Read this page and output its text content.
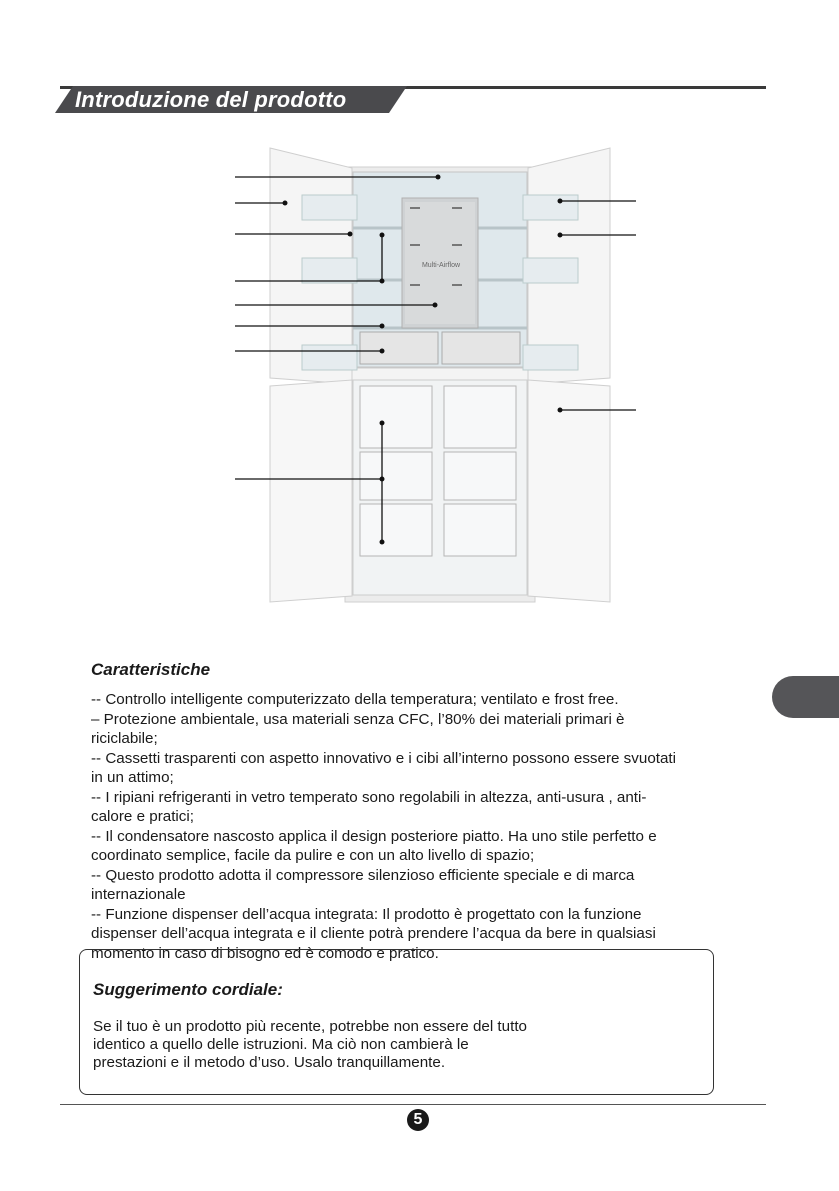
Introduzione del prodotto
Multi-Airflow
Caratteristiche
-- Controllo intelligente computerizzato della temperatura; ventilato e frost free.
– Protezione ambientale, usa materiali senza CFC, l’80% dei materiali primari è
riciclabile;
-- Cassetti trasparenti con aspetto innovativo e i cibi all’interno possono essere svuotati
in un attimo;
-- I ripiani refrigeranti in vetro temperato sono regolabili in altezza, anti-usura , anti-
calore e pratici;
-- Il condensatore nascosto applica il design posteriore piatto. Ha uno stile perfetto e
coordinato semplice, facile da pulire e con un alto livello di spazio;
-- Questo prodotto adotta il compressore silenzioso efficiente speciale e di marca
internazionale
-- Funzione dispenser dell’acqua integrata: Il prodotto è progettato con la funzione
dispenser dell’acqua integrata e il cliente potrà prendere l’acqua da bere in qualsiasi
momento in caso di bisogno ed è comodo e pratico.
Suggerimento cordiale:
Se il tuo è un prodotto più recente, potrebbe non essere del tutto
identico a quello delle istruzioni. Ma ciò non cambierà le
prestazioni e il metodo d’uso. Usalo tranquillamente.
5
